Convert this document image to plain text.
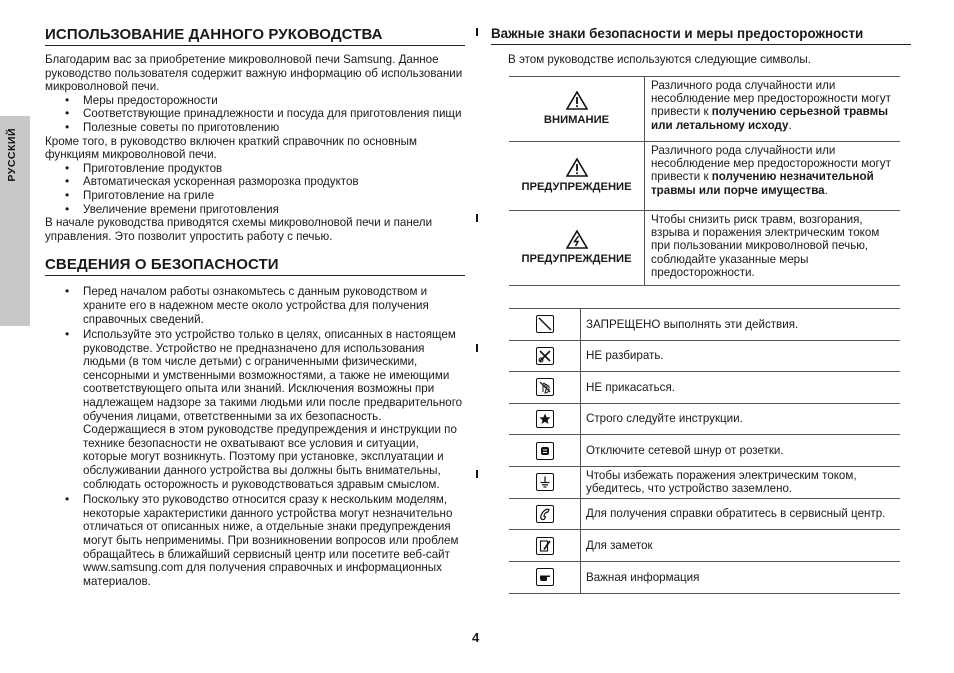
РУССКИЙ
ИСПОЛЬЗОВАНИЕ ДАННОГО РУКОВОДСТВА

Благодарим вас за приобретение микроволновой печи Samsung. Данное руководство пользователя содержит важную информацию об использовании микроволновой печи.

• Меры предосторожности
• Соответствующие принадлежности и посуда для приготовления пищи
• Полезные советы по приготовлению

Кроме того, в руководство включен краткий справочник по основным функциям микроволновой печи.

• Приготовление продуктов
• Автоматическая ускоренная разморозка продуктов
• Приготовление на гриле
• Увеличение времени приготовления

В начале руководства приводятся схемы микроволновой печи и панели управления. Это позволит упростить работу с печью.

СВЕДЕНИЯ О БЕЗОПАСНОСТИ
• Перед началом работы ознакомьтесь с данным руководством и храните его в надежном месте около устройства для получения справочных сведений.
• Используйте это устройство только в целях, описанных в настоящем руководстве. Устройство не предназначено для использования людьми (в том числе детьми) с ограниченными физическими, сенсорными и умственными возможностями, а также не имеющими соответствующего опыта или знаний. Исключения возможны при надлежащем надзоре за такими людьми или после предварительного обучения лицами, ответственными за их безопасность. Содержащиеся в этом руководстве предупреждения и инструкции по технике безопасности не охватывают все условия и ситуации, которые могут возникнуть. Поэтому при установке, эксплуатации и обслуживании данного устройства вы должны быть внимательны, соблюдать осторожность и руководствоваться здравым смыслом.
• Поскольку это руководство относится сразу к нескольким моделям, некоторые характеристики данного устройства могут незначительно отличаться от описанных ниже, а отдельные знаки предупреждения могут быть неприменимы. При возникновении вопросов или проблем обращайтесь в ближайший сервисный центр или посетите веб-сайт www.samsung.com для получения справочных и информационных материалов.
Важные знаки безопасности и меры предосторожности

В этом руководстве используются следующие символы.

ВНИМАНИЕ	Различного рода случайности или несоблюдение мер предосторожности могут привести к получению серьезной травмы или летальному исходу.

ПРЕДУПРЕЖДЕНИЕ	Различного рода случайности или несоблюдение мер предосторожности могут привести к получению незначительной травмы или порче имущества.

ПРЕДУПРЕЖДЕНИЕ	Чтобы снизить риск травм, возгорания, взрыва и поражения электрическим током при пользовании микроволновой печью, соблюдайте указанные меры предосторожности.
	ЗАПРЕЩЕНО выполнять эти действия.

	НЕ разбирать.

	НЕ прикасаться.

	Строго следуйте инструкции.

	Отключите сетевой шнур от розетки.

	Чтобы избежать поражения электрическим током, убедитесь, что устройство заземлено.

	Для получения справки обратитесь в сервисный центр.

	Для заметок

	Важная информация
4
